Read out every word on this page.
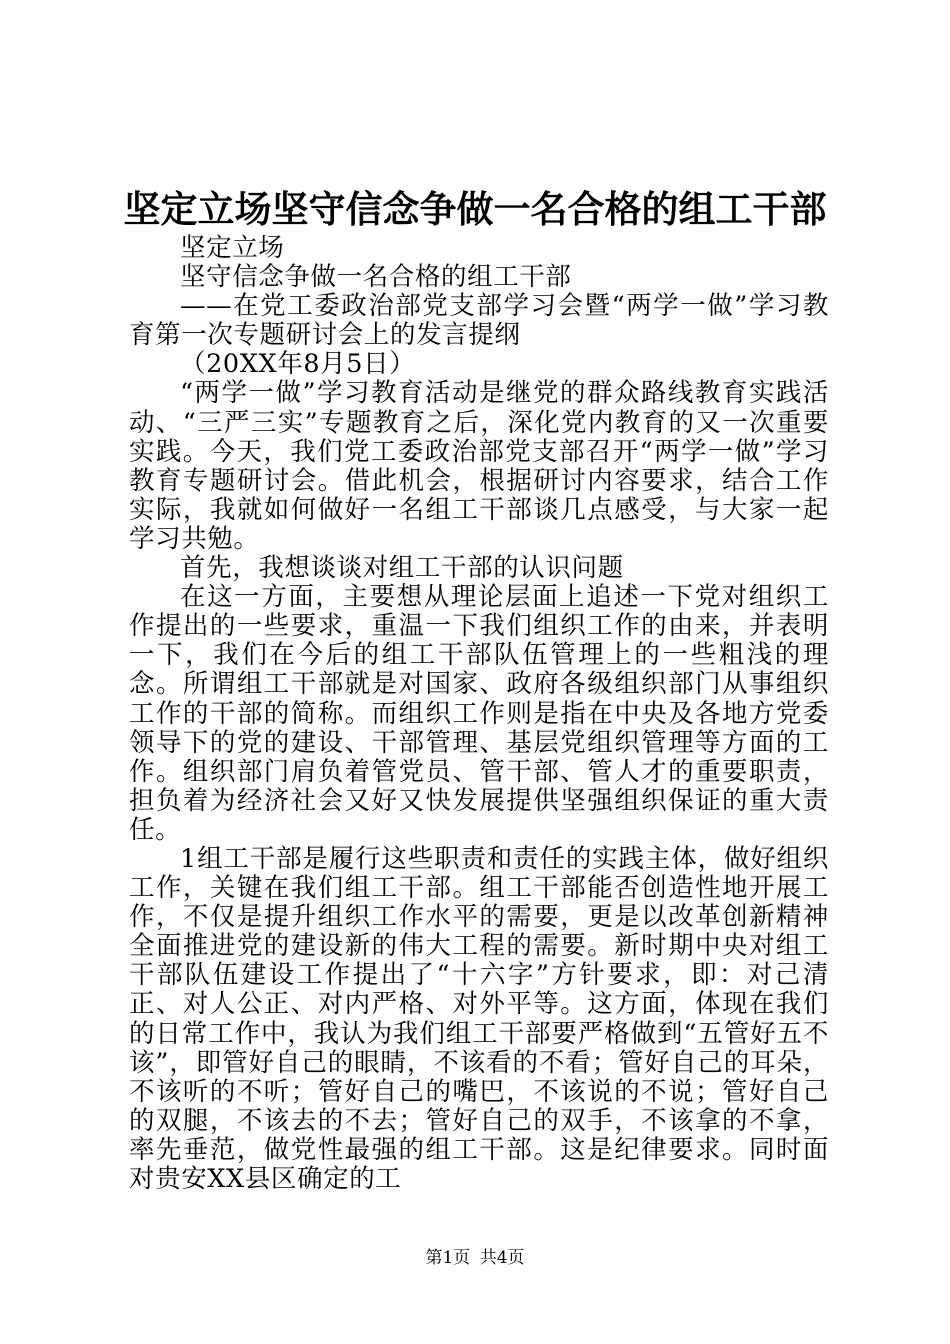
坚定立场坚守信念争做一名合格的组工干部

坚定立场

坚守信念争做一名合格的组工干部

——在党工委政治部党支部学习会暨“两学一做”学习教育第一次专题研讨会上的发言提纲

（20XX年8月5日）

“两学一做”学习教育活动是继党的群众路线教育实践活动、“三严三实”专题教育之后，深化党内教育的又一次重要实践。今天，我们党工委政治部党支部召开“两学一做”学习教育专题研讨会。借此机会，根据研讨内容要求，结合工作实际，我就如何做好一名组工干部谈几点感受，与大家一起学习共勉。

首先，我想谈谈对组工干部的认识问题

在这一方面，主要想从理论层面上追述一下党对组织工作提出的一些要求，重温一下我们组织工作的由来，并表明一下，我们在今后的组工干部队伍管理上的一些粗浅的理念。所谓组工干部就是对国家、政府各级组织部门从事组织工作的干部的简称。而组织工作则是指在中央及各地方党委领导下的党的建设、干部管理、基层党组织管理等方面的工作。组织部门肩负着管党员、管干部、管人才的重要职责，担负着为经济社会又好又快发展提供坚强组织保证的重大责任。

1组工干部是履行这些职责和责任的实践主体，做好组织工作，关键在我们组工干部。组工干部能否创造性地开展工作，不仅是提升组织工作水平的需要，更是以改革创新精神全面推进党的建设新的伟大工程的需要。新时期中央对组工干部队伍建设工作提出了“十六字”方针要求，即：对己清正、对人公正、对内严格、对外平等。这方面，体现在我们的日常工作中，我认为我们组工干部要严格做到“五管好五不该”，即管好自己的眼睛，不该看的不看；管好自己的耳朵，不该听的不听；管好自己的嘴巴，不该说的不说；管好自己的双腿，不该去的不去；管好自己的双手，不该拿的不拿，率先垂范，做党性最强的组工干部。这是纪律要求。同时面对贵安XX县区确定的工

第1页 共4页
